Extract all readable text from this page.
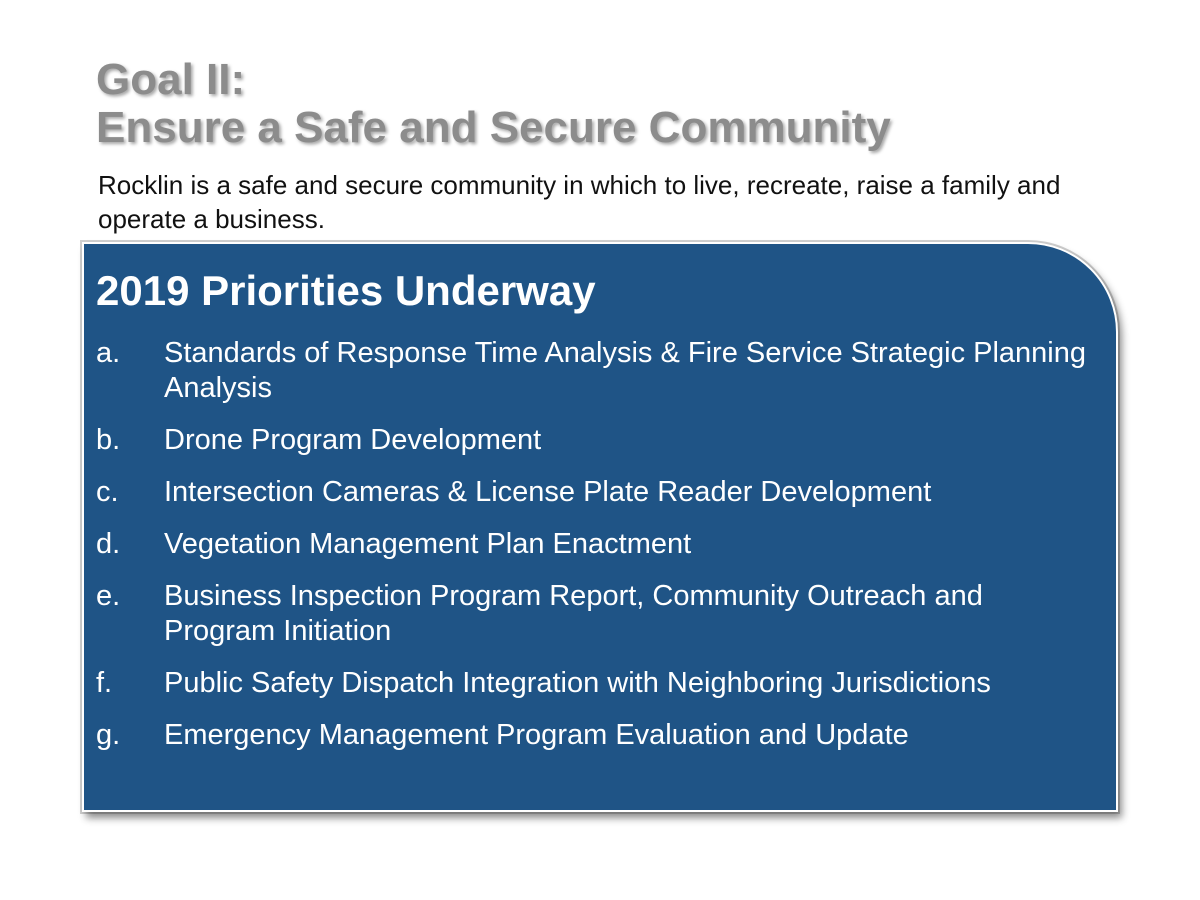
Goal II:
Ensure a Safe and Secure Community

Rocklin is a safe and secure community in which to live, recreate, raise a family and operate a business.

2019 Priorities Underway
a.	Standards of Response Time Analysis & Fire Service Strategic Planning Analysis
b.	Drone Program Development
c.	Intersection Cameras & License Plate Reader Development
d.	Vegetation Management Plan Enactment
e.	Business Inspection Program Report, Community Outreach and Program Initiation
f.	Public Safety Dispatch Integration with Neighboring Jurisdictions
g.	Emergency Management Program Evaluation and Update
